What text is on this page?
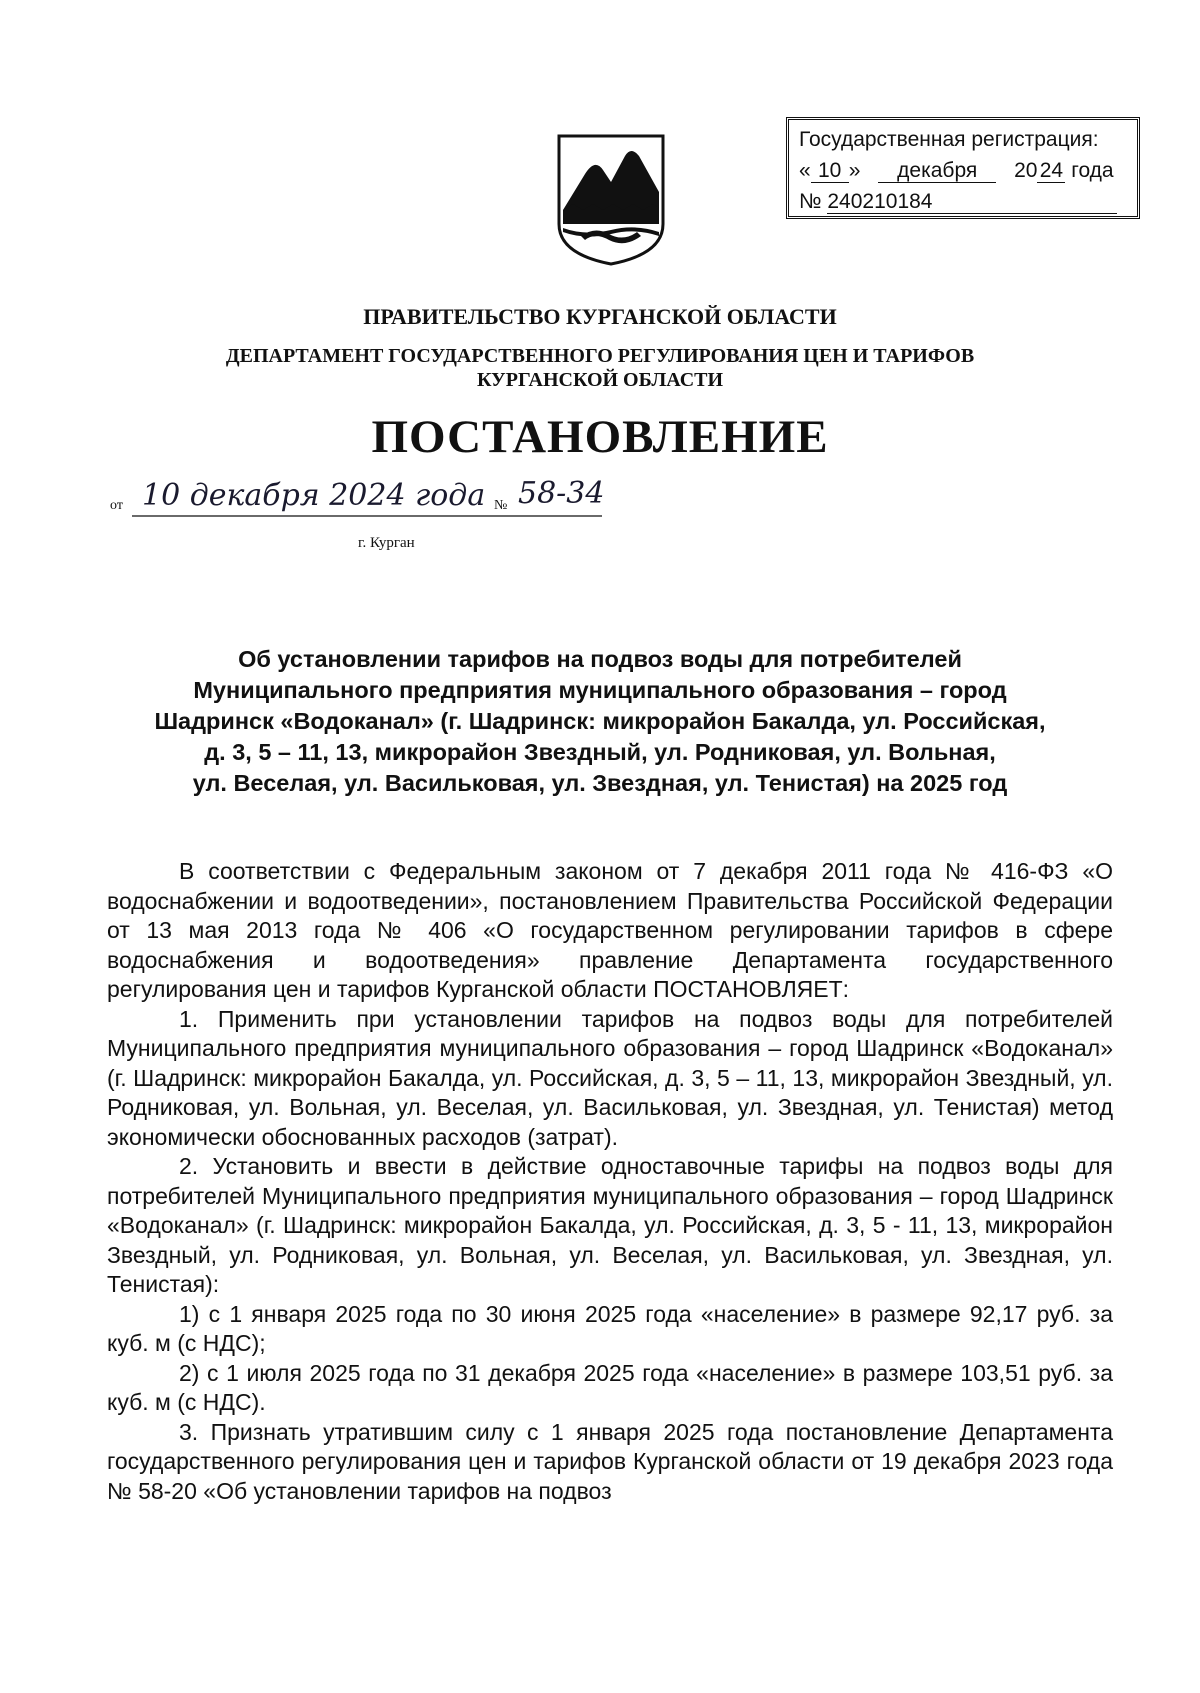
Государственная регистрация:
« 10 » декабря 20 24 года
№ 240210184
ПРАВИТЕЛЬСТВО КУРГАНСКОЙ ОБЛАСТИ
ДЕПАРТАМЕНТ ГОСУДАРСТВЕННОГО РЕГУЛИРОВАНИЯ ЦЕН И ТАРИФОВ
КУРГАНСКОЙ ОБЛАСТИ
ПОСТАНОВЛЕНИЕ
от 10 декабря 2024 года № 58-34
г. Курган
Об установлении тарифов на подвоз воды для потребителей
Муниципального предприятия муниципального образования – город
Шадринск «Водоканал» (г. Шадринск: микрорайон Бакалда, ул. Российская,
д. 3, 5 – 11, 13, микрорайон Звездный, ул. Родниковая, ул. Вольная,
ул. Веселая, ул. Васильковая, ул. Звездная, ул. Тенистая) на 2025 год

В соответствии с Федеральным законом от 7 декабря 2011 года № 416-ФЗ «О водоснабжении и водоотведении», постановлением Правительства Российской Федерации от 13 мая 2013 года № 406 «О государственном регулировании тарифов в сфере водоснабжения и водоотведения» правление Департамента государственного регулирования цен и тарифов Курганской области ПОСТАНОВЛЯЕТ:

1. Применить при установлении тарифов на подвоз воды для потребителей Муниципального предприятия муниципального образования – город Шадринск «Водоканал» (г. Шадринск: микрорайон Бакалда, ул. Российская, д. 3, 5 – 11, 13, микрорайон Звездный, ул. Родниковая, ул. Вольная, ул. Веселая, ул. Васильковая, ул. Звездная, ул. Тенистая) метод экономически обоснованных расходов (затрат).

2. Установить и ввести в действие одноставочные тарифы на подвоз воды для потребителей Муниципального предприятия муниципального образования – город Шадринск «Водоканал» (г. Шадринск: микрорайон Бакалда, ул. Российская, д. 3, 5 - 11, 13, микрорайон Звездный, ул. Родниковая, ул. Вольная, ул. Веселая, ул. Васильковая, ул. Звездная, ул. Тенистая):

1) с 1 января 2025 года по 30 июня 2025 года «население» в размере 92,17 руб. за куб. м (с НДС);

2) с 1 июля 2025 года по 31 декабря 2025 года «население» в размере 103,51 руб. за куб. м (с НДС).

3. Признать утратившим силу с 1 января 2025 года постановление Департамента государственного регулирования цен и тарифов Курганской области от 19 декабря 2023 года № 58-20 «Об установлении тарифов на подвоз
